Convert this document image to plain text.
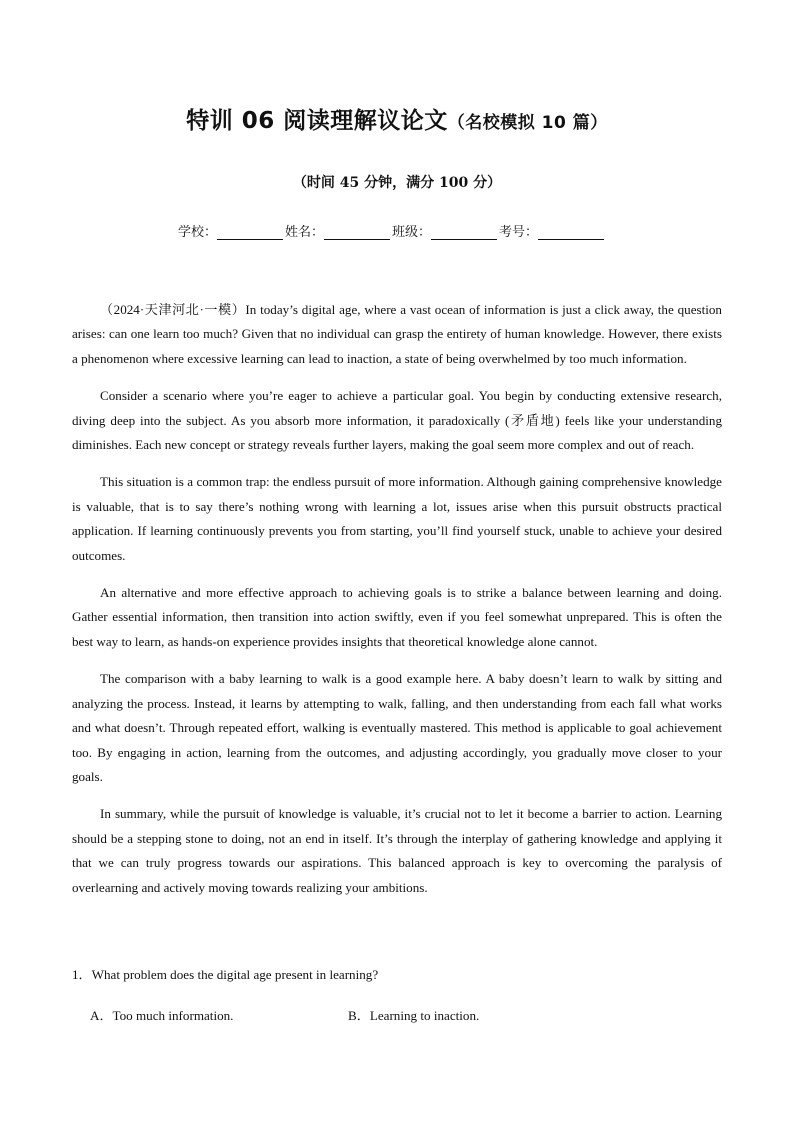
特训 06 阅读理解议论文（名校模拟 10 篇）
（时间 45 分钟，满分 100 分）
学校：	姓名：	班级：	考号：

（2024·天津河北·一模）In today’s digital age, where a vast ocean of information is just a click away, the question arises: can one learn too much? Given that no individual can grasp the entirety of human knowledge. However, there exists a phenomenon where excessive learning can lead to inaction, a state of being overwhelmed by too much information.

Consider a scenario where you’re eager to achieve a particular goal. You begin by conducting extensive research, diving deep into the subject. As you absorb more information, it paradoxically (矛盾地) feels like your understanding diminishes. Each new concept or strategy reveals further layers, making the goal seem more complex and out of reach.

This situation is a common trap: the endless pursuit of more information. Although gaining comprehensive knowledge is valuable, that is to say there’s nothing wrong with learning a lot, issues arise when this pursuit obstructs practical application. If learning continuously prevents you from starting, you’ll find yourself stuck, unable to achieve your desired outcomes.

An alternative and more effective approach to achieving goals is to strike a balance between learning and doing. Gather essential information, then transition into action swiftly, even if you feel somewhat unprepared. This is often the best way to learn, as hands-on experience provides insights that theoretical knowledge alone cannot.

The comparison with a baby learning to walk is a good example here. A baby doesn’t learn to walk by sitting and analyzing the process. Instead, it learns by attempting to walk, falling, and then understanding from each fall what works and what doesn’t. Through repeated effort, walking is eventually mastered. This method is applicable to goal achievement too. By engaging in action, learning from the outcomes, and adjusting accordingly, you gradually move closer to your goals.

In summary, while the pursuit of knowledge is valuable, it’s crucial not to let it become a barrier to action. Learning should be a stepping stone to doing, not an end in itself. It’s through the interplay of gathering knowledge and applying it that we can truly progress towards our aspirations. This balanced approach is key to overcoming the paralysis of overlearning and actively moving towards realizing your ambitions.

1．What problem does the digital age present in learning?
A．Too much information.	B．Learning to inaction.
